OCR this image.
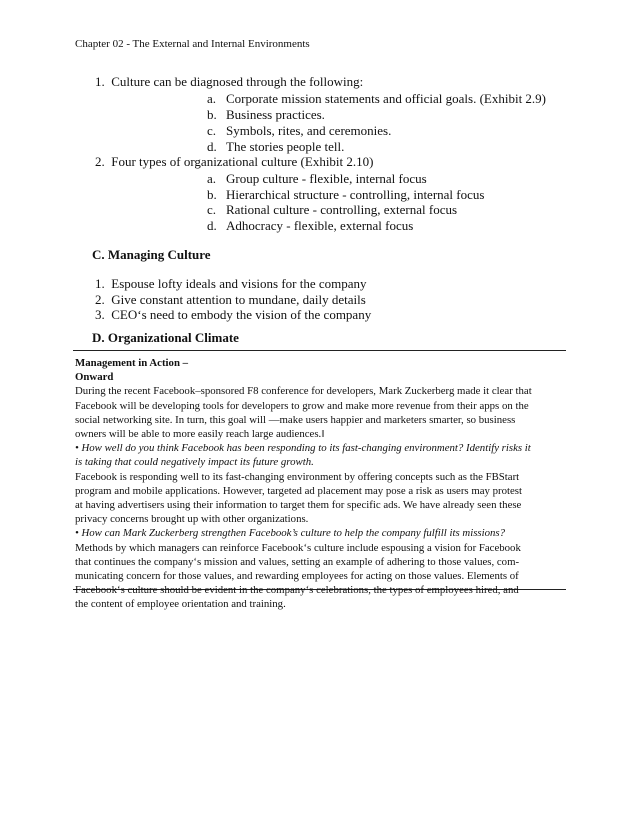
Chapter 02 - The External and Internal Environments
1. Culture can be diagnosed through the following:
a. Corporate mission statements and official goals. (Exhibit 2.9)
b. Business practices.
c. Symbols, rites, and ceremonies.
d. The stories people tell.
2. Four types of organizational culture (Exhibit 2.10)
a. Group culture - flexible, internal focus
b. Hierarchical structure - controlling, internal focus
c. Rational culture - controlling, external focus
d. Adhocracy - flexible, external focus
C. Managing Culture
1. Espouse lofty ideals and visions for the company
2. Give constant attention to mundane, daily details
3. CEO‘s need to embody the vision of the company
D. Organizational Climate
Management in Action –
Onward
During the recent Facebook–sponsored F8 conference for developers, Mark Zuckerberg made it clear that
Facebook will be developing tools for developers to grow and make more revenue from their apps on the
social networking site. In turn, this goal will ―make users happier and marketers smarter, so business
owners will be able to more easily reach large audiences.‖
• How well do you think Facebook has been responding to its fast-changing environment? Identify risks it
is taking that could negatively impact its future growth.
Facebook is responding well to its fast-changing environment by offering concepts such as the FBStart
program and mobile applications. However, targeted ad placement may pose a risk as users may protest
at having advertisers using their information to target them for specific ads. We have already seen these
privacy concerns brought up with other organizations.
• How can Mark Zuckerberg strengthen Facebook’s culture to help the company fulfill its missions?
Methods by which managers can reinforce Facebook‘s culture include espousing a vision for Facebook
that continues the company‘s mission and values, setting an example of adhering to those values, com-
municating concern for those values, and rewarding employees for acting on those values. Elements of
Facebook‘s culture should be evident in the company‘s celebrations, the types of employees hired, and
the content of employee orientation and training.
